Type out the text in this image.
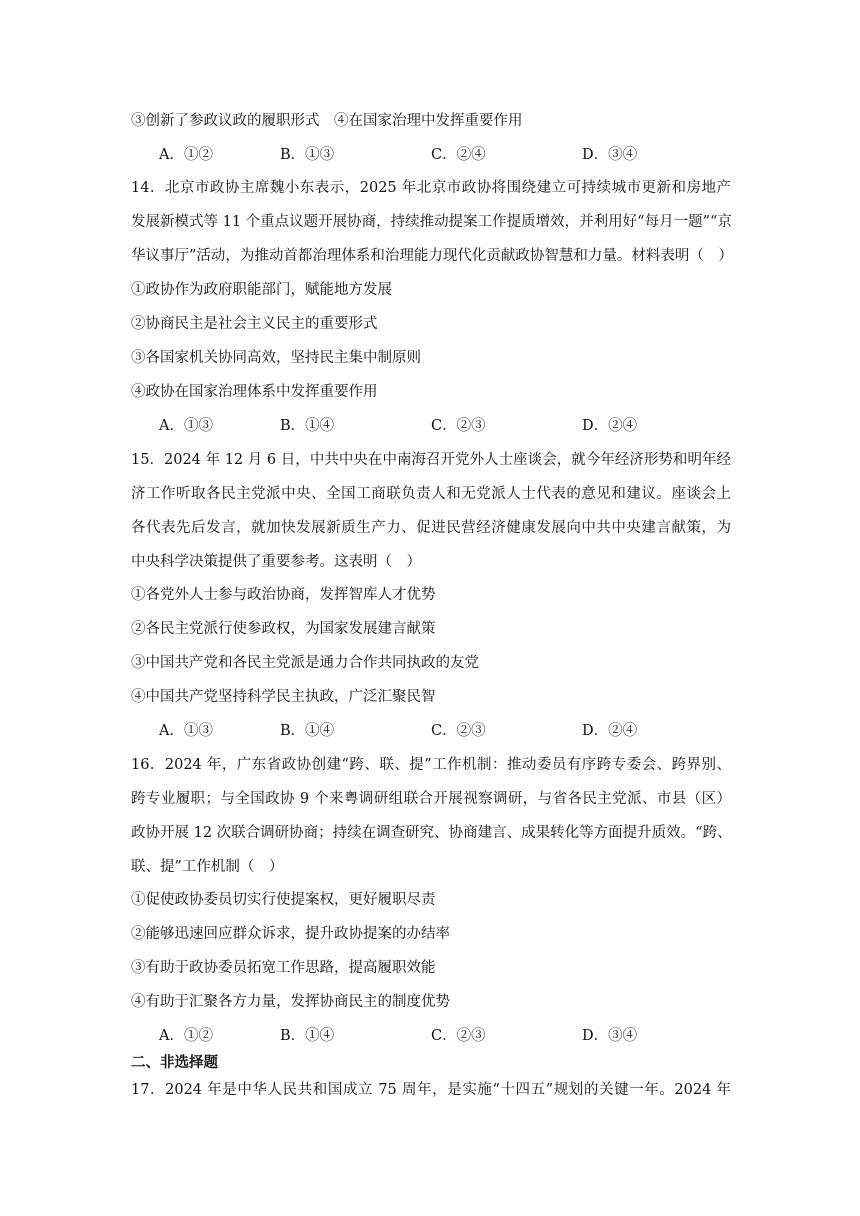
③创新了参政议政的履职形式　④在国家治理中发挥重要作用
A．①②	B．①③	C．②④	D．③④
14．北京市政协主席魏小东表示，2025 年北京市政协将围绕建立可持续城市更新和房地产
发展新模式等 11 个重点议题开展协商，持续推动提案工作提质增效，并利用好“每月一题”“京
华议事厅”活动，为推动首都治理体系和治理能力现代化贡献政协智慧和力量。材料表明（　）
①政协作为政府职能部门，赋能地方发展
②协商民主是社会主义民主的重要形式
③各国家机关协同高效，坚持民主集中制原则
④政协在国家治理体系中发挥重要作用
A．①③	B．①④	C．②③	D．②④
15．2024 年 12 月 6 日，中共中央在中南海召开党外人士座谈会，就今年经济形势和明年经
济工作听取各民主党派中央、全国工商联负责人和无党派人士代表的意见和建议。座谈会上
各代表先后发言，就加快发展新质生产力、促进民营经济健康发展向中共中央建言献策，为
中央科学决策提供了重要参考。这表明（　）
①各党外人士参与政治协商，发挥智库人才优势
②各民主党派行使参政权，为国家发展建言献策
③中国共产党和各民主党派是通力合作共同执政的友党
④中国共产党坚持科学民主执政，广泛汇聚民智
A．①③	B．①④	C．②③	D．②④
16．2024 年，广东省政协创建“跨、联、提”工作机制：推动委员有序跨专委会、跨界别、
跨专业履职；与全国政协 9 个来粤调研组联合开展视察调研，与省各民主党派、市县（区）
政协开展 12 次联合调研协商；持续在调查研究、协商建言、成果转化等方面提升质效。“跨、
联、提”工作机制（　）
①促使政协委员切实行使提案权，更好履职尽责
②能够迅速回应群众诉求，提升政协提案的办结率
③有助于政协委员拓宽工作思路，提高履职效能
④有助于汇聚各方力量，发挥协商民主的制度优势
A．①②	B．①④	C．②③	D．③④
二、非选择题
17．2024 年是中华人民共和国成立 75 周年，是实施“十四五”规划的关键一年。2024 年
